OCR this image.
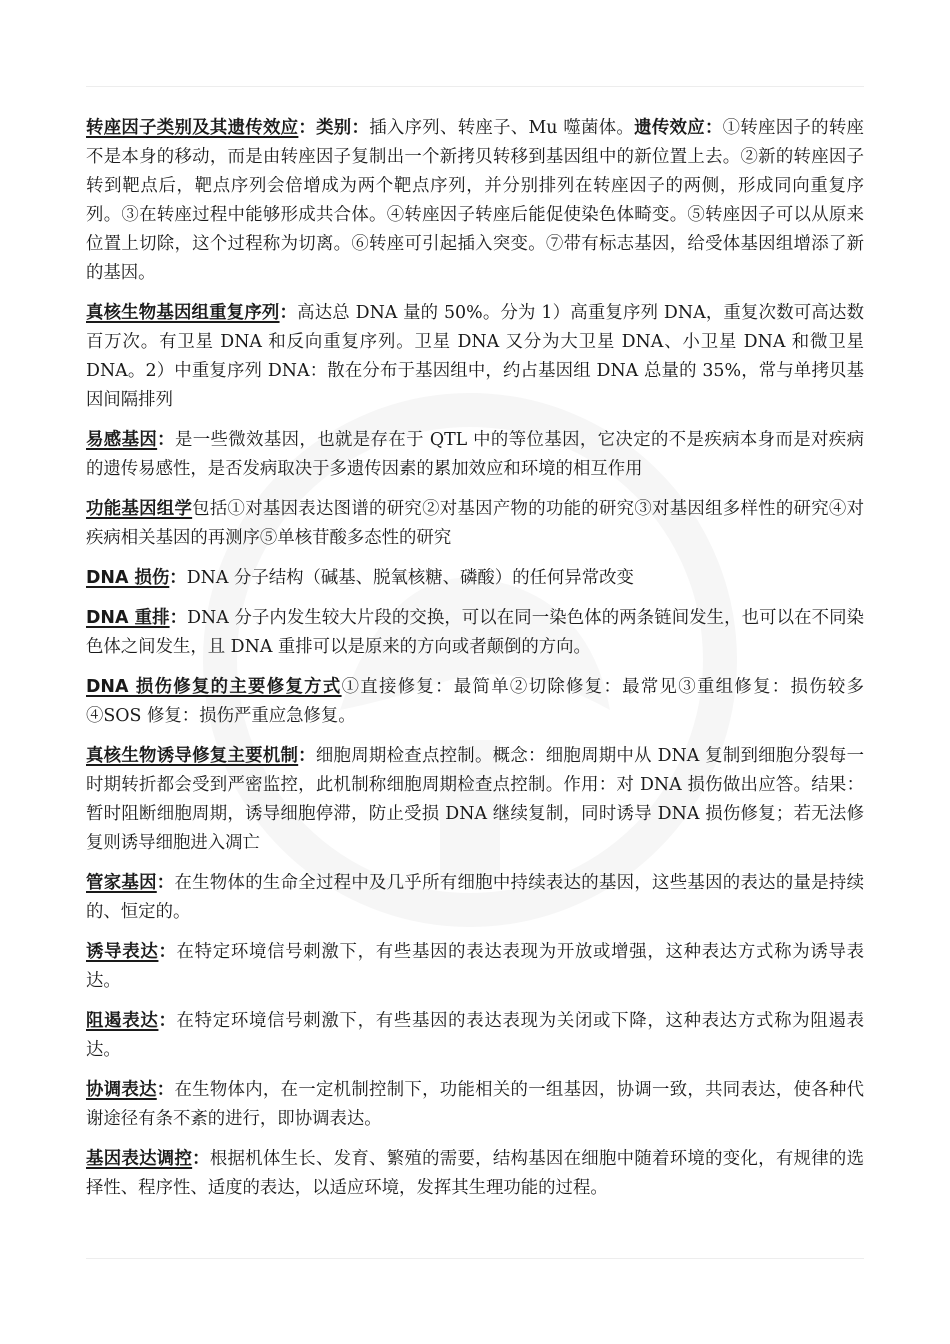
转座因子类别及其遗传效应：类别：插入序列、转座子、Mu 噬菌体。遗传效应：①转座因子的转座不是本身的移动，而是由转座因子复制出一个新拷贝转移到基因组中的新位置上去。②新的转座因子转到靶点后，靶点序列会倍增成为两个靶点序列，并分别排列在转座因子的两侧，形成同向重复序列。③在转座过程中能够形成共合体。④转座因子转座后能促使染色体畸变。⑤转座因子可以从原来位置上切除，这个过程称为切离。⑥转座可引起插入突变。⑦带有标志基因，给受体基因组增添了新的基因。

真核生物基因组重复序列：高达总 DNA 量的 50%。分为 1）高重复序列 DNA，重复次数可高达数百万次。有卫星 DNA 和反向重复序列。卫星 DNA 又分为大卫星 DNA、小卫星 DNA 和微卫星 DNA。2）中重复序列 DNA：散在分布于基因组中，约占基因组 DNA 总量的 35%，常与单拷贝基因间隔排列

易感基因：是一些微效基因，也就是存在于 QTL 中的等位基因，它决定的不是疾病本身而是对疾病的遗传易感性，是否发病取决于多遗传因素的累加效应和环境的相互作用

功能基因组学包括①对基因表达图谱的研究②对基因产物的功能的研究③对基因组多样性的研究④对疾病相关基因的再测序⑤单核苷酸多态性的研究

DNA 损伤：DNA 分子结构（碱基、脱氧核糖、磷酸）的任何异常改变

DNA 重排：DNA 分子内发生较大片段的交换，可以在同一染色体的两条链间发生，也可以在不同染色体之间发生，且 DNA 重排可以是原来的方向或者颠倒的方向。

DNA 损伤修复的主要修复方式①直接修复：最简单②切除修复：最常见③重组修复：损伤较多④SOS 修复：损伤严重应急修复。

真核生物诱导修复主要机制：细胞周期检查点控制。概念：细胞周期中从 DNA 复制到细胞分裂每一时期转折都会受到严密监控，此机制称细胞周期检查点控制。作用：对 DNA 损伤做出应答。结果：暂时阻断细胞周期，诱导细胞停滞，防止受损 DNA 继续复制，同时诱导 DNA 损伤修复；若无法修复则诱导细胞进入凋亡

管家基因：在生物体的生命全过程中及几乎所有细胞中持续表达的基因，这些基因的表达的量是持续的、恒定的。

诱导表达：在特定环境信号刺激下，有些基因的表达表现为开放或增强，这种表达方式称为诱导表达。

阻遏表达：在特定环境信号刺激下，有些基因的表达表现为关闭或下降，这种表达方式称为阻遏表达。

协调表达：在生物体内，在一定机制控制下，功能相关的一组基因，协调一致，共同表达，使各种代谢途径有条不紊的进行，即协调表达。

基因表达调控：根据机体生长、发育、繁殖的需要，结构基因在细胞中随着环境的变化，有规律的选择性、程序性、适度的表达，以适应环境，发挥其生理功能的过程。
